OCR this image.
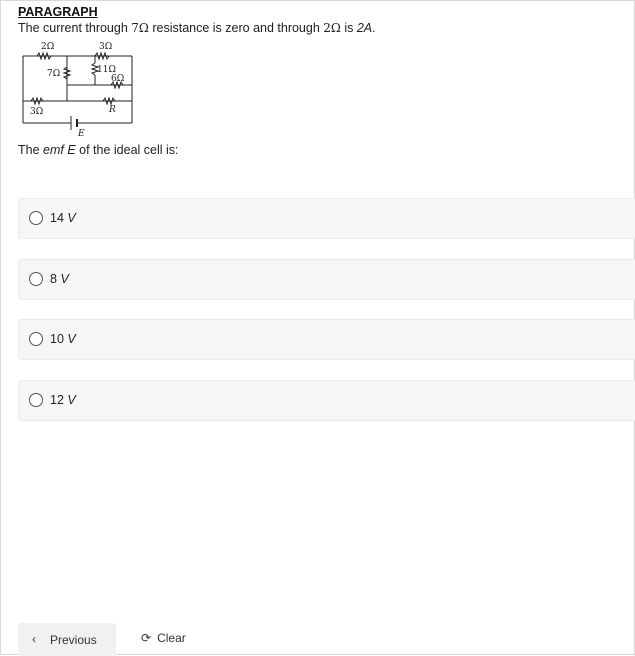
PARAGRAPH
The current through 7Ω resistance is zero and through 2Ω is 2A.
2Ω	3Ω
7Ω	11Ω
6Ω
3Ω	R
E
The emf E of the ideal cell is:
14 V
8 V
10 V
12 V
‹ Previous	⟳ Clear
